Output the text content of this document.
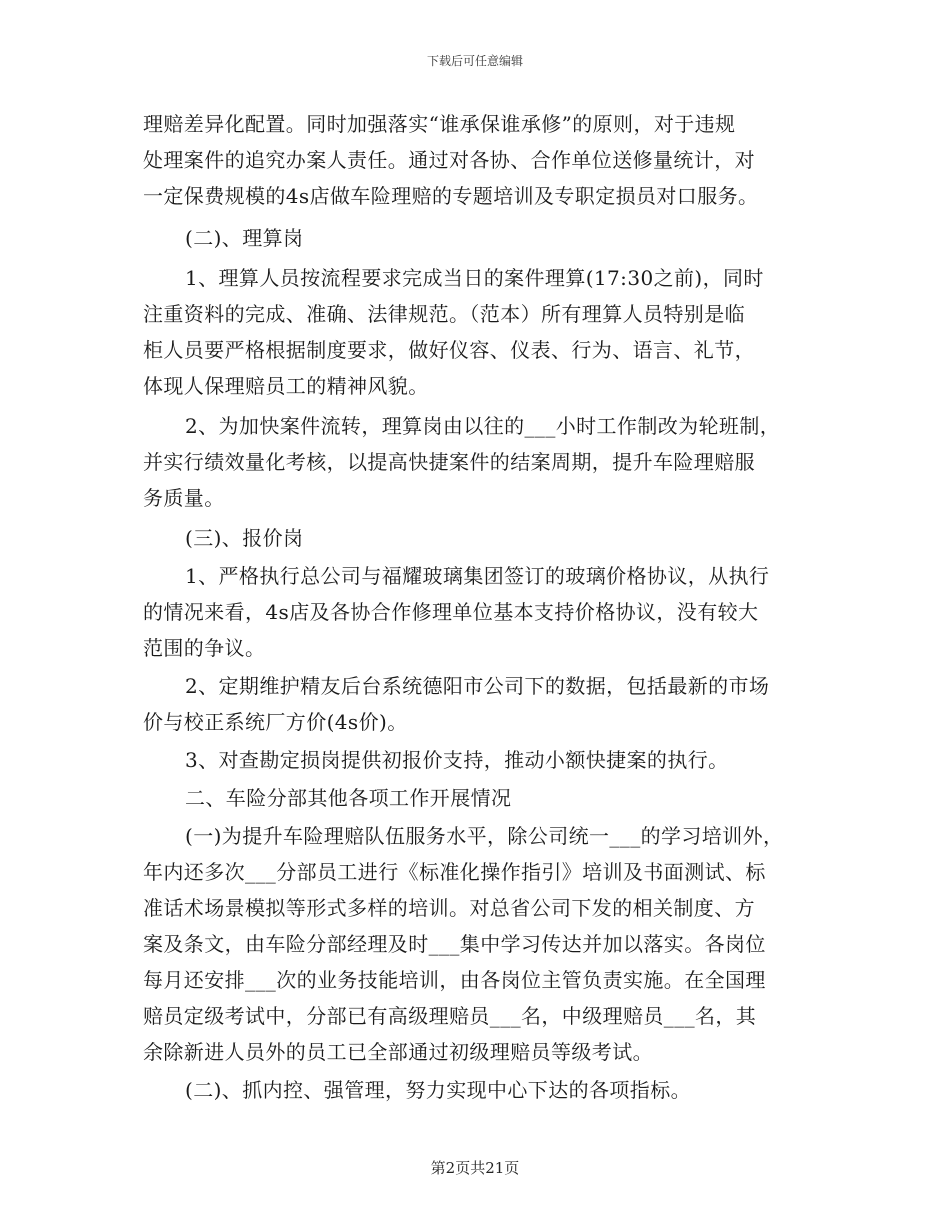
下载后可任意编辑
理赔差异化配置。同时加强落实“谁承保谁承修”的原则，对于违规
处理案件的追究办案人责任。通过对各协、合作单位送修量统计，对
一定保费规模的4s店做车险理赔的专题培训及专职定损员对口服务。
(二)、理算岗
1、理算人员按流程要求完成当日的案件理算(17:30之前)，同时
注重资料的完成、准确、法律规范。（范本）所有理算人员特别是临
柜人员要严格根据制度要求，做好仪容、仪表、行为、语言、礼节，
体现人保理赔员工的精神风貌。
2、为加快案件流转，理算岗由以往的___小时工作制改为轮班制，
并实行绩效量化考核，以提高快捷案件的结案周期，提升车险理赔服
务质量。
(三)、报价岗
1、严格执行总公司与福耀玻璃集团签订的玻璃价格协议，从执行
的情况来看，4s店及各协合作修理单位基本支持价格协议，没有较大
范围的争议。
2、定期维护精友后台系统德阳市公司下的数据，包括最新的市场
价与校正系统厂方价(4s价)。
3、对查勘定损岗提供初报价支持，推动小额快捷案的执行。
二、车险分部其他各项工作开展情况
(一)为提升车险理赔队伍服务水平，除公司统一___的学习培训外，
年内还多次___分部员工进行《标准化操作指引》培训及书面测试、标
准话术场景模拟等形式多样的培训。对总省公司下发的相关制度、方
案及条文，由车险分部经理及时___集中学习传达并加以落实。各岗位
每月还安排___次的业务技能培训，由各岗位主管负责实施。在全国理
赔员定级考试中，分部已有高级理赔员___名，中级理赔员___名，其
余除新进人员外的员工已全部通过初级理赔员等级考试。
(二)、抓内控、强管理，努力实现中心下达的各项指标。
第2页共21页
